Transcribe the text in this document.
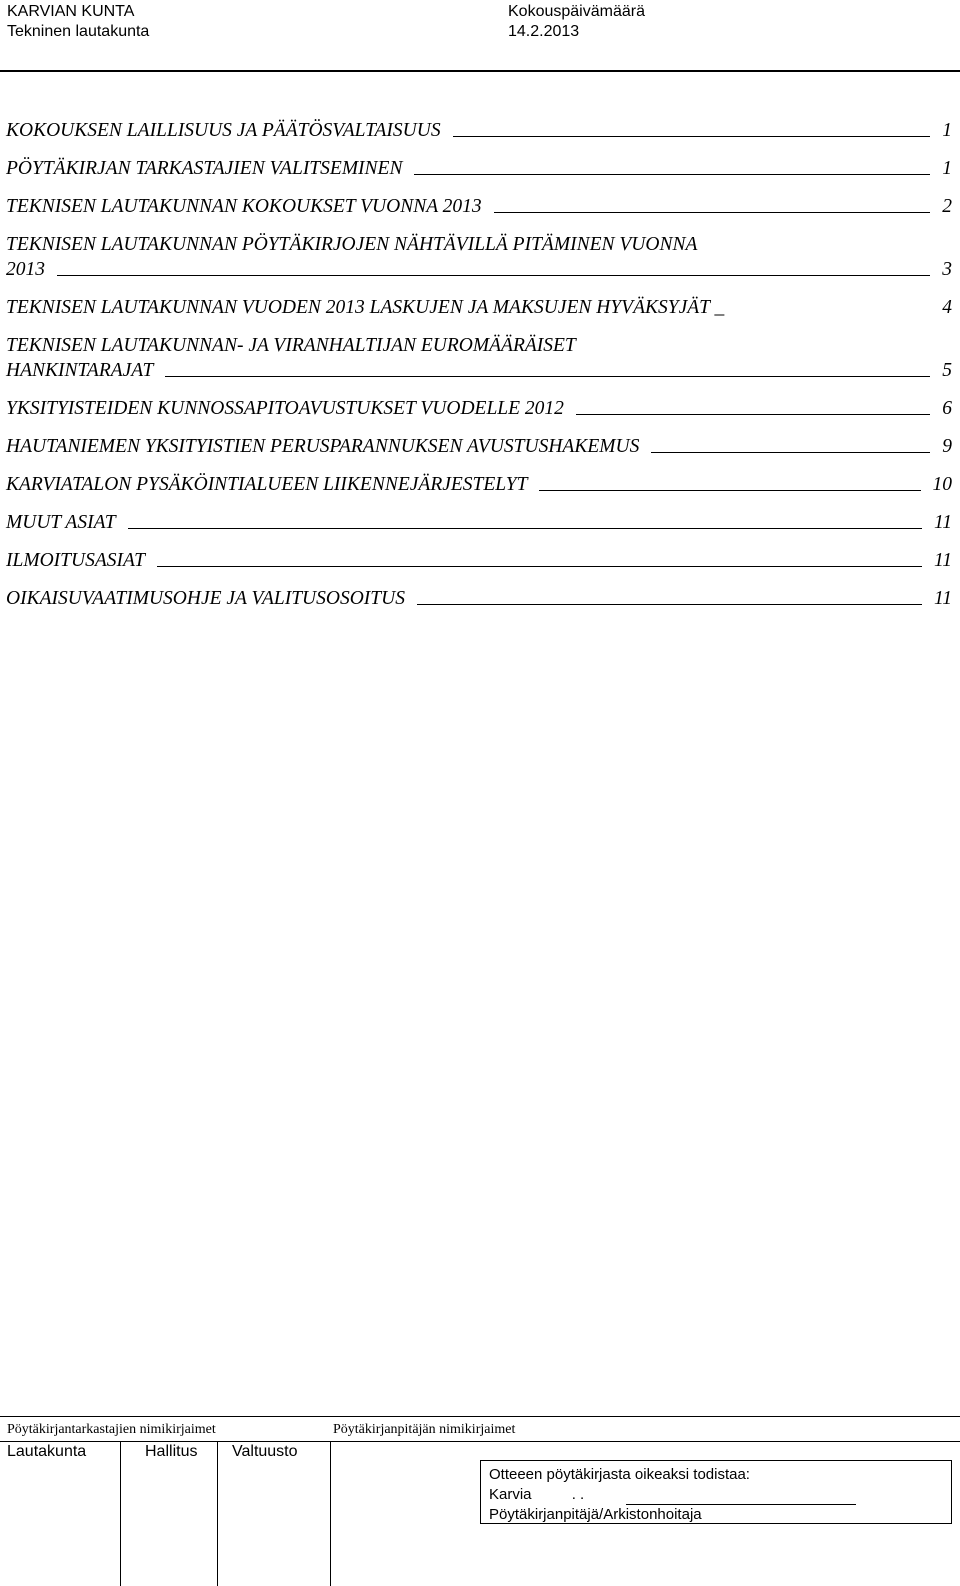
KARVIAN KUNTA
Tekninen lautakunta
Kokouspäivämäärä
14.2.2013
KOKOUKSEN LAILLISUUS JA PÄÄTÖSVALTAISUUS	1
PÖYTÄKIRJAN TARKASTAJIEN VALITSEMINEN	1
TEKNISEN LAUTAKUNNAN KOKOUKSET VUONNA 2013	2
TEKNISEN LAUTAKUNNAN PÖYTÄKIRJOJEN NÄHTÄVILLÄ PITÄMINEN VUONNA
2013	3
TEKNISEN LAUTAKUNNAN VUODEN 2013 LASKUJEN JA MAKSUJEN HYVÄKSYJÄT _	4
TEKNISEN LAUTAKUNNAN- JA VIRANHALTIJAN EUROMÄÄRÄISET
HANKINTARAJAT	5
YKSITYISTEIDEN KUNNOSSAPITOAVUSTUKSET VUODELLE 2012	6
HAUTANIEMEN YKSITYISTIEN PERUSPARANNUKSEN AVUSTUSHAKEMUS	9
KARVIATALON PYSÄKÖINTIALUEEN LIIKENNEJÄRJESTELYT	10
MUUT ASIAT	11
ILMOITUSASIAT	11
OIKAISUVAATIMUSOHJE JA VALITUSOSOITUS	11
Pöytäkirjantarkastajien nimikirjaimet	Pöytäkirjanpitäjän nimikirjaimet
Lautakunta	Hallitus Valtuusto
Otteeen pöytäkirjasta oikeaksi todistaa:
Karvia	. .
Pöytäkirjanpitäjä/Arkistonhoitaja
